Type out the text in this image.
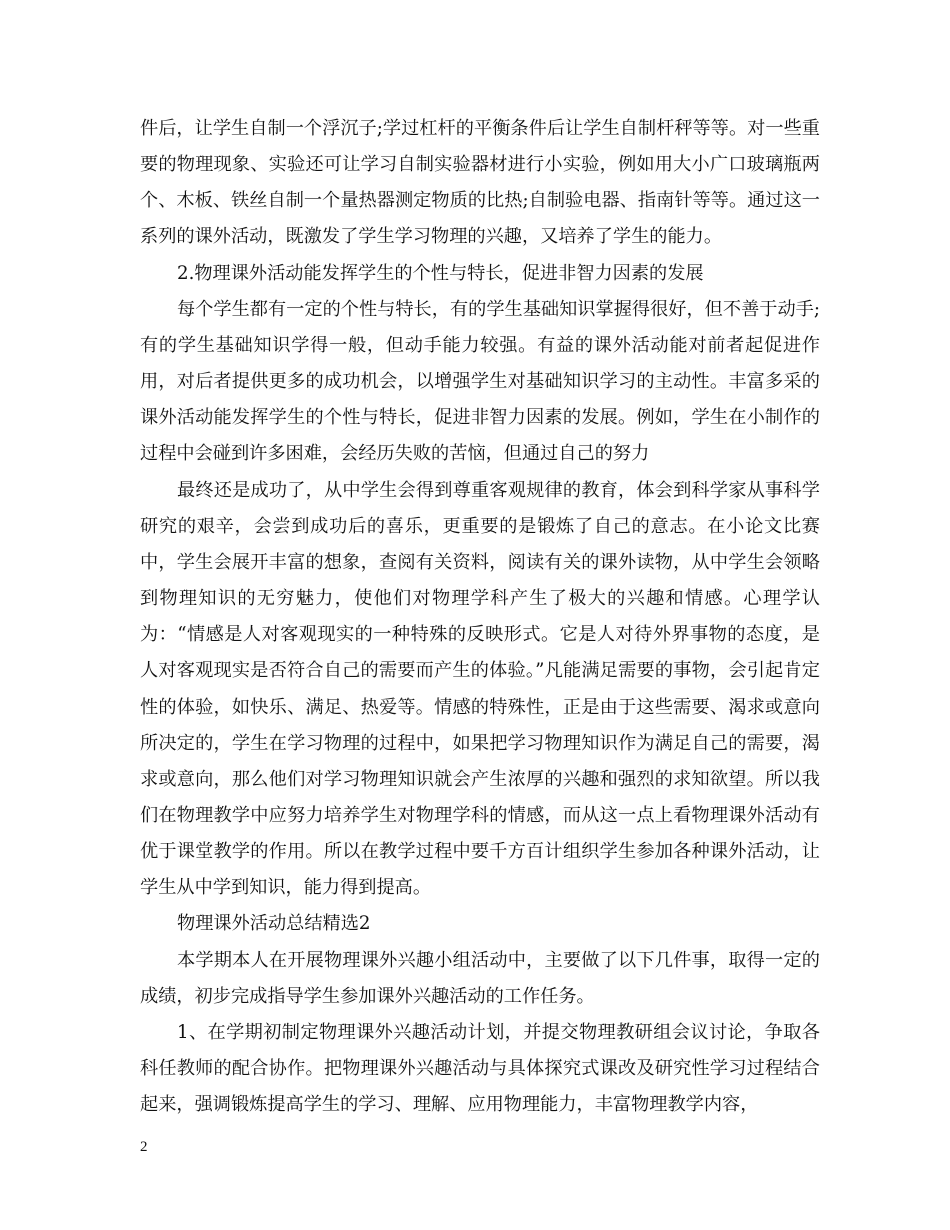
件后，让学生自制一个浮沉子;学过杠杆的平衡条件后让学生自制杆秤等等。对一些重要的物理现象、实验还可让学习自制实验器材进行小实验，例如用大小广口玻璃瓶两个、木板、铁丝自制一个量热器测定物质的比热;自制验电器、指南针等等。通过这一系列的课外活动，既激发了学生学习物理的兴趣，又培养了学生的能力。

2.物理课外活动能发挥学生的个性与特长，促进非智力因素的发展

每个学生都有一定的个性与特长，有的学生基础知识掌握得很好，但不善于动手;有的学生基础知识学得一般，但动手能力较强。有益的课外活动能对前者起促进作用，对后者提供更多的成功机会，以增强学生对基础知识学习的主动性。丰富多采的课外活动能发挥学生的个性与特长，促进非智力因素的发展。例如，学生在小制作的过程中会碰到许多困难，会经历失败的苦恼，但通过自己的努力

最终还是成功了，从中学生会得到尊重客观规律的教育，体会到科学家从事科学研究的艰辛，会尝到成功后的喜乐，更重要的是锻炼了自己的意志。在小论文比赛中，学生会展开丰富的想象，查阅有关资料，阅读有关的课外读物，从中学生会领略到物理知识的无穷魅力，使他们对物理学科产生了极大的兴趣和情感。心理学认为：“情感是人对客观现实的一种特殊的反映形式。它是人对待外界事物的态度，是人对客观现实是否符合自己的需要而产生的体验。”凡能满足需要的事物，会引起肯定性的体验，如快乐、满足、热爱等。情感的特殊性，正是由于这些需要、渴求或意向所决定的，学生在学习物理的过程中，如果把学习物理知识作为满足自己的需要，渴求或意向，那么他们对学习物理知识就会产生浓厚的兴趣和强烈的求知欲望。所以我们在物理教学中应努力培养学生对物理学科的情感，而从这一点上看物理课外活动有优于课堂教学的作用。所以在教学过程中要千方百计组织学生参加各种课外活动，让学生从中学到知识，能力得到提高。

物理课外活动总结精选2

本学期本人在开展物理课外兴趣小组活动中，主要做了以下几件事，取得一定的成绩，初步完成指导学生参加课外兴趣活动的工作任务。

1、在学期初制定物理课外兴趣活动计划，并提交物理教研组会议讨论，争取各科任教师的配合协作。把物理课外兴趣活动与具体探究式课改及研究性学习过程结合起来，强调锻炼提高学生的学习、理解、应用物理能力，丰富物理教学内容，

2
